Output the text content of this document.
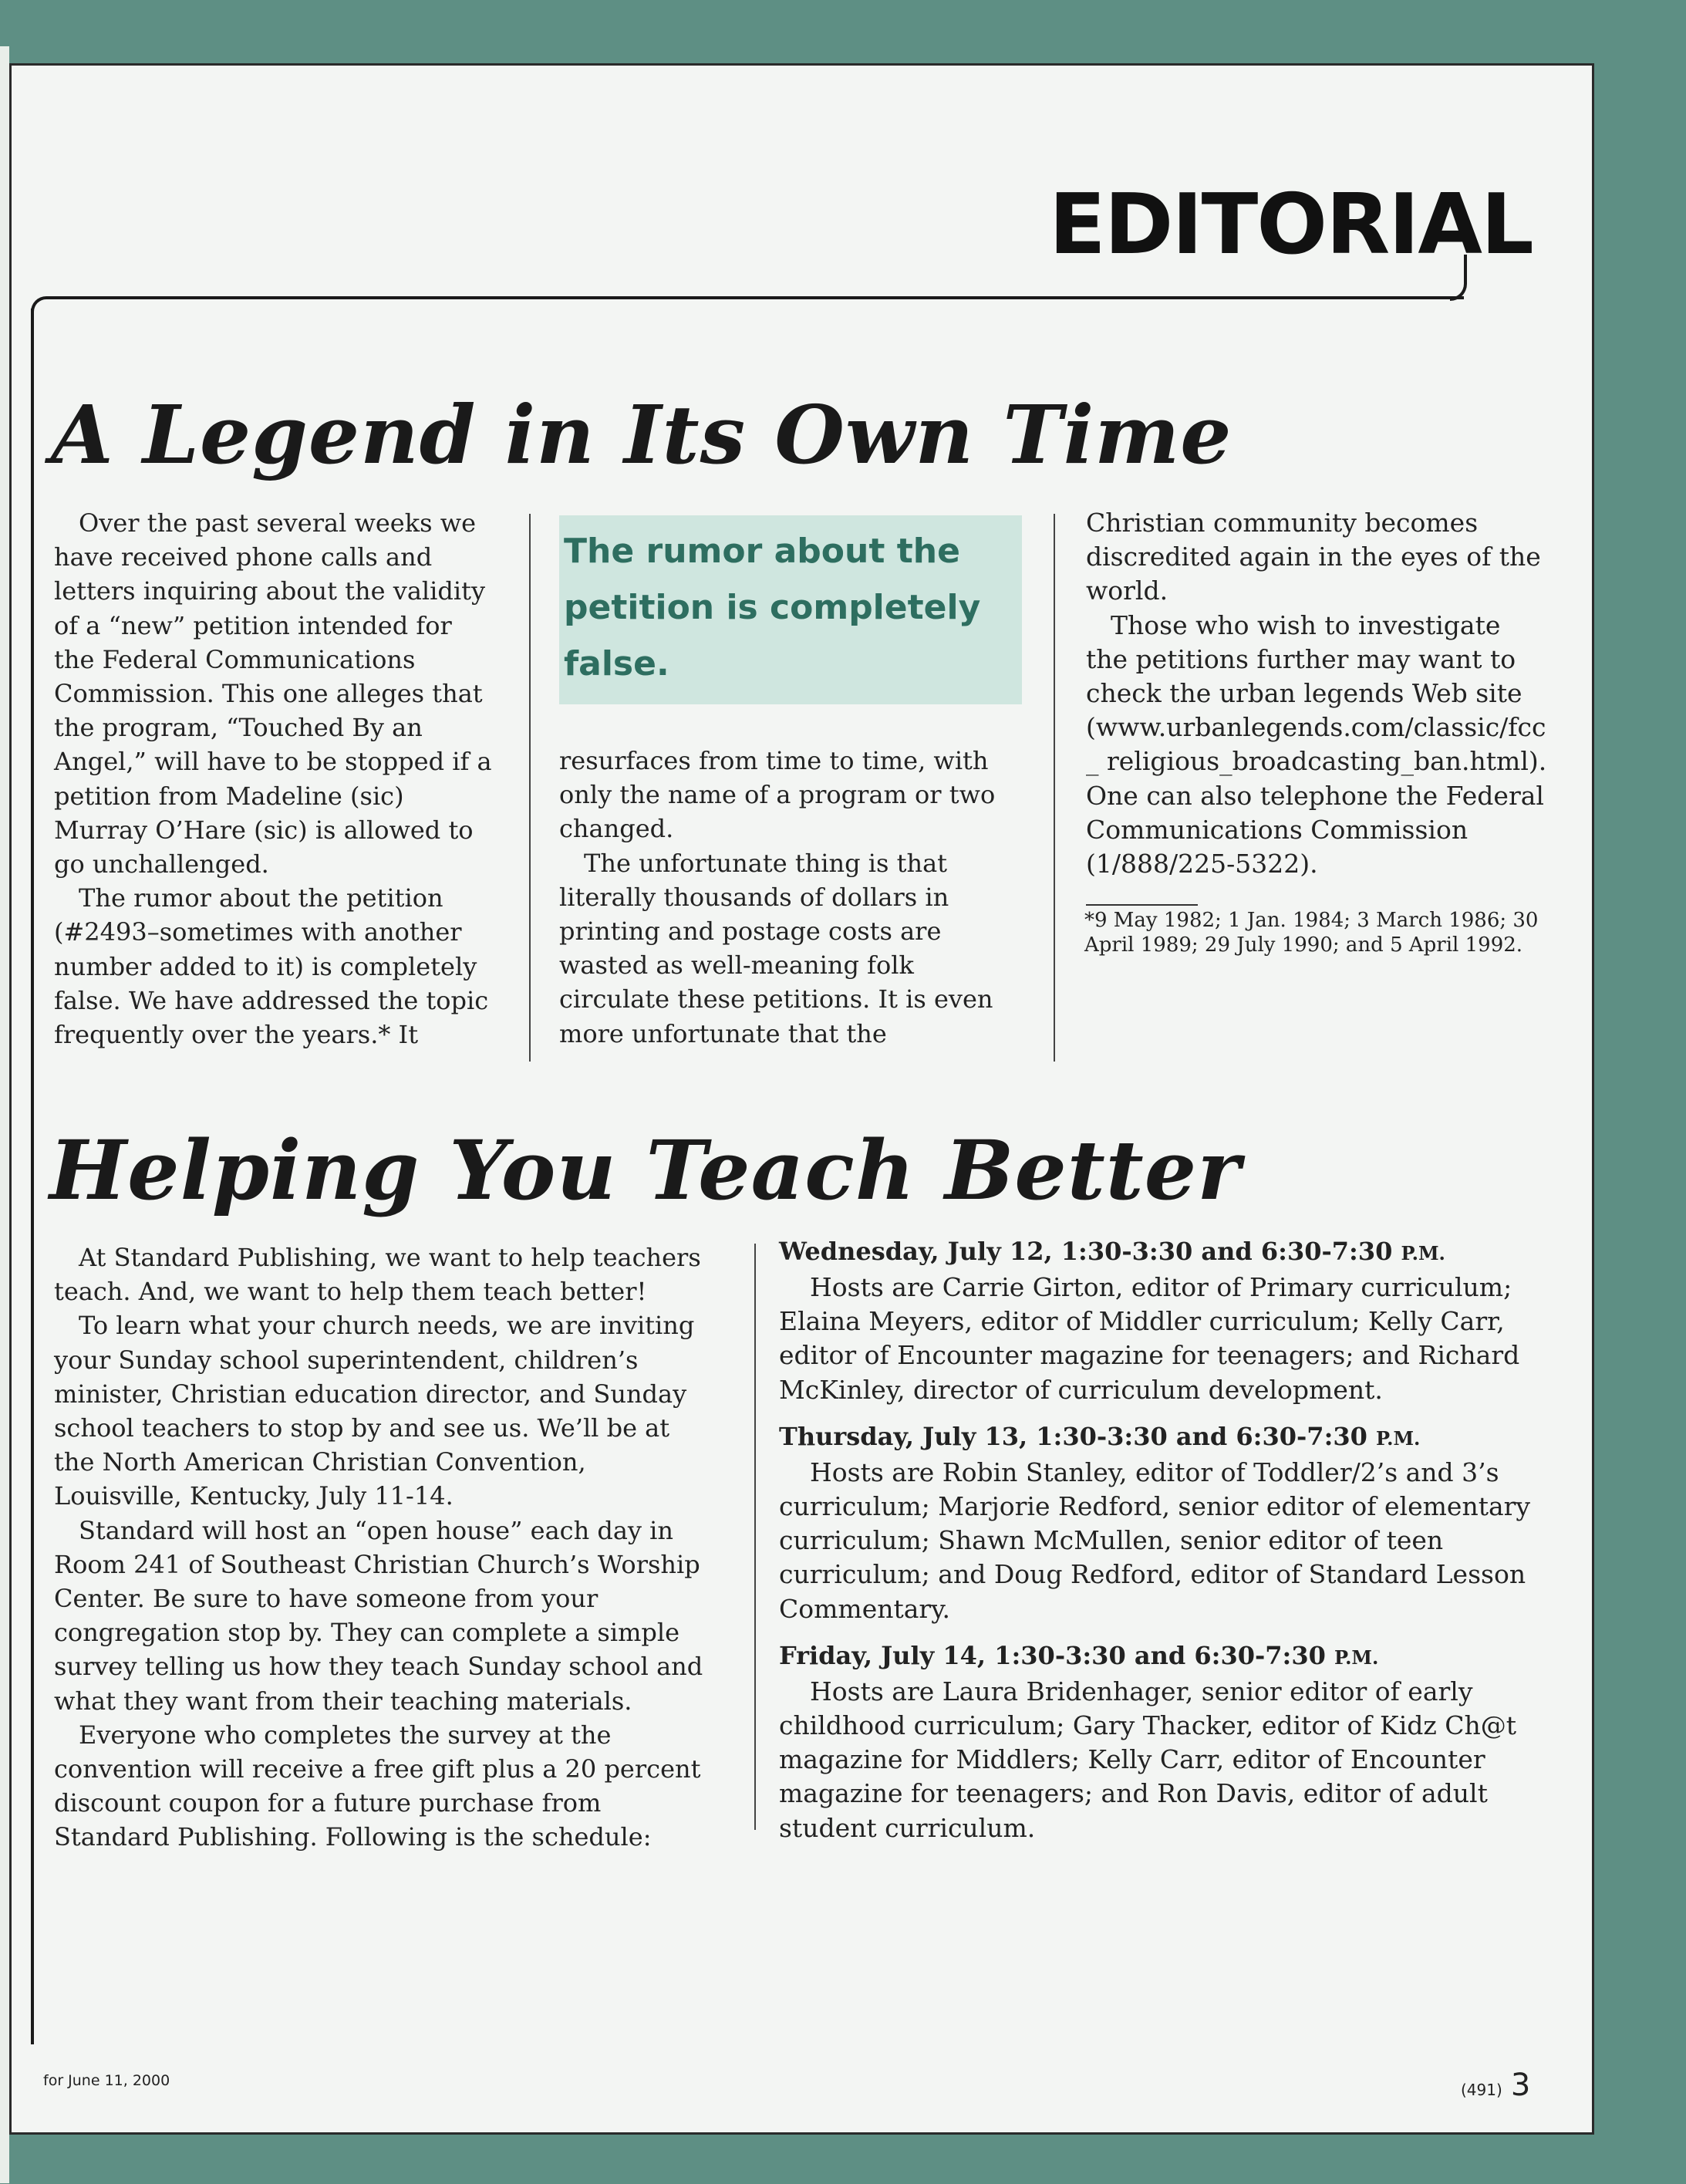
EDITORIAL
A Legend in Its Own Time

Over the past several weeks we have received phone calls and letters inquiring about the validity of a “new” petition intended for the Federal Communications Commission. This one alleges that the program, “Touched By an Angel,” will have to be stopped if a petition from Madeline (sic) Murray O’Hare (sic) is allowed to go unchallenged.

The rumor about the petition (#2493–sometimes with another number added to it) is completely false. We have addressed the topic frequently over the years.* It

The rumor about the petition is completely false.

resurfaces from time to time, with only the name of a program or two changed.

The unfortunate thing is that literally thousands of dollars in printing and postage costs are wasted as well-meaning folk circulate these petitions. It is even more unfortunate that the

Christian community becomes discredited again in the eyes of the world.

Those who wish to investigate the petitions further may want to check the urban legends Web site (www.urbanlegends.com/classic/fcc_ religious_broadcasting_ban.html). One can also telephone the Federal Communications Commission (1/888/225-5322).

*9 May 1982; 1 Jan. 1984; 3 March 1986; 30 April 1989; 29 July 1990; and 5 April 1992.
Helping You Teach Better

At Standard Publishing, we want to help teachers teach. And, we want to help them teach better!

To learn what your church needs, we are inviting your Sunday school superintendent, children’s minister, Christian education director, and Sunday school teachers to stop by and see us. We’ll be at the North American Christian Convention, Louisville, Kentucky, July 11-14.

Standard will host an “open house” each day in Room 241 of Southeast Christian Church’s Worship Center. Be sure to have someone from your congregation stop by. They can complete a simple survey telling us how they teach Sunday school and what they want from their teaching materials.

Everyone who completes the survey at the convention will receive a free gift plus a 20 percent discount coupon for a future purchase from Standard Publishing. Following is the schedule:

Wednesday, July 12, 1:30-3:30 and 6:30-7:30 P.M.

Hosts are Carrie Girton, editor of Primary curriculum; Elaina Meyers, editor of Middler curriculum; Kelly Carr, editor of Encounter magazine for teenagers; and Richard McKinley, director of curriculum development.

Thursday, July 13, 1:30-3:30 and 6:30-7:30 P.M.

Hosts are Robin Stanley, editor of Toddler/2’s and 3’s curriculum; Marjorie Redford, senior editor of elementary curriculum; Shawn McMullen, senior editor of teen curriculum; and Doug Redford, editor of Standard Lesson Commentary.

Friday, July 14, 1:30-3:30 and 6:30-7:30 P.M.

Hosts are Laura Bridenhager, senior editor of early childhood curriculum; Gary Thacker, editor of Kidz Ch@t magazine for Middlers; Kelly Carr, editor of Encounter magazine for teenagers; and Ron Davis, editor of adult student curriculum.

for June 11, 2000	(491) 3
